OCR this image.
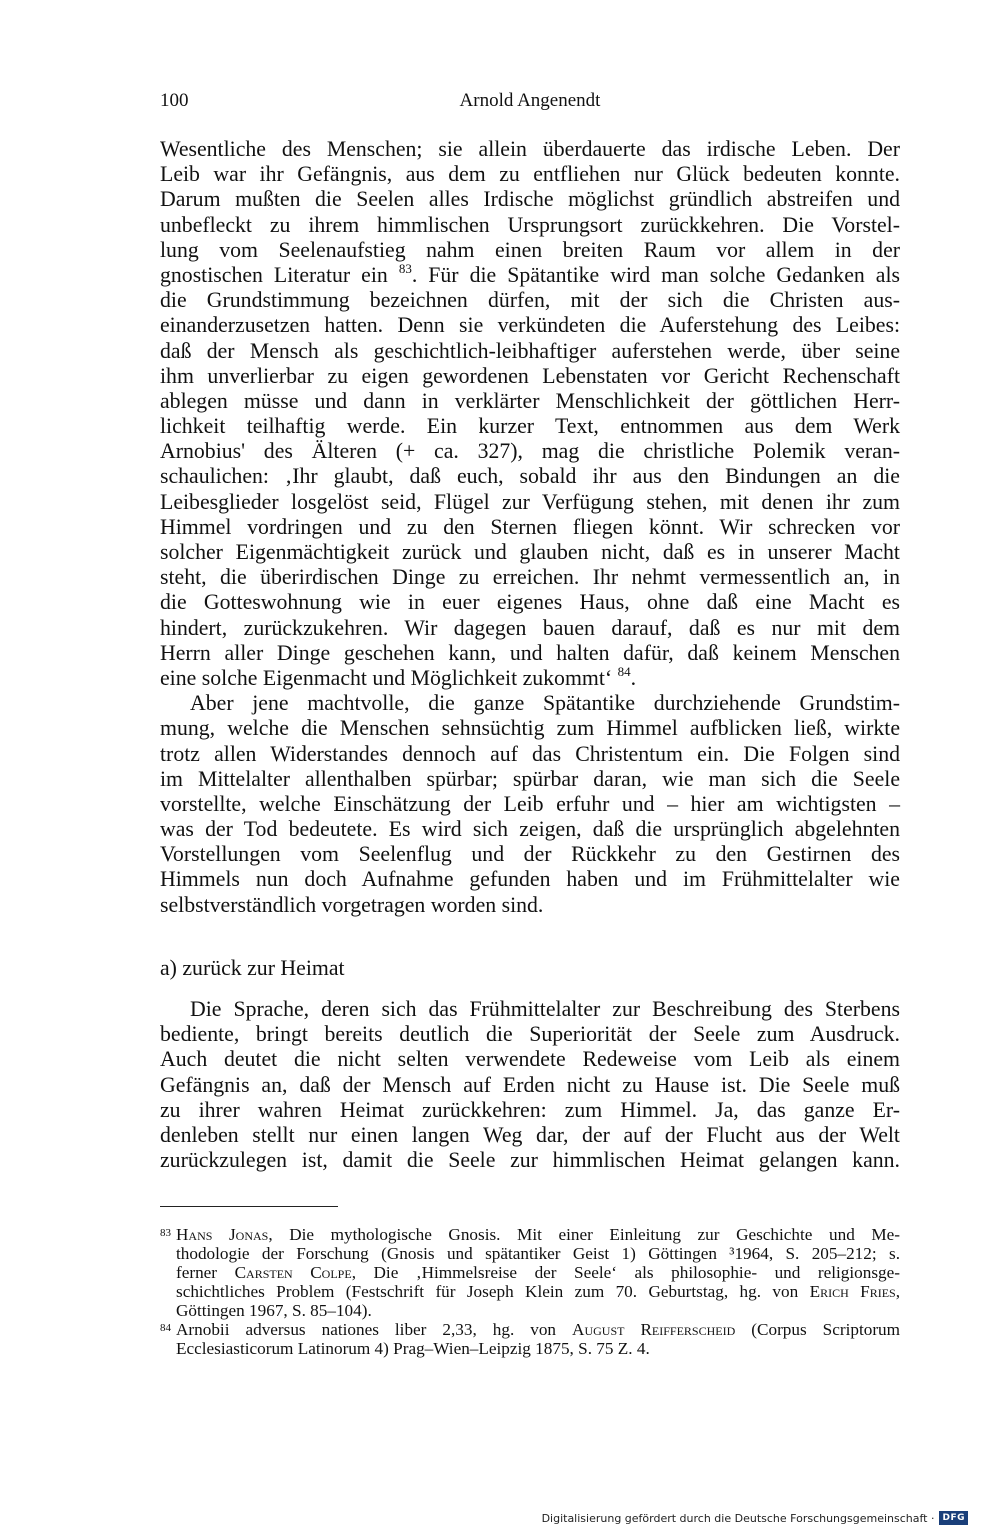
100	Arnold Angenendt
Wesentliche des Menschen; sie allein überdauerte das irdische Leben. Der
Leib war ihr Gefängnis, aus dem zu entfliehen nur Glück bedeuten konnte.
Darum mußten die Seelen alles Irdische möglichst gründlich abstreifen und
unbefleckt zu ihrem himmlischen Ursprungsort zurückkehren. Die Vorstel-
lung vom Seelenaufstieg nahm einen breiten Raum vor allem in der
gnostischen Literatur ein $^{83}$. Für die Spätantike wird man solche Gedanken als
die Grundstimmung bezeichnen dürfen, mit der sich die Christen aus-
einanderzusetzen hatten. Denn sie verkündeten die Auferstehung des Leibes:
daß der Mensch als geschichtlich-leibhaftiger auferstehen werde, über seine
ihm unverlierbar zu eigen gewordenen Lebenstaten vor Gericht Rechenschaft
ablegen müsse und dann in verklärter Menschlichkeit der göttlichen Herr-
lichkeit teilhaftig werde. Ein kurzer Text, entnommen aus dem Werk
Arnobius' des Älteren (+ ca. 327), mag die christliche Polemik veran-
schaulichen: ‚Ihr glaubt, daß euch, sobald ihr aus den Bindungen an die
Leibesglieder losgelöst seid, Flügel zur Verfügung stehen, mit denen ihr zum
Himmel vordringen und zu den Sternen fliegen könnt. Wir schrecken vor
solcher Eigenmächtigkeit zurück und glauben nicht, daß es in unserer Macht
steht, die überirdischen Dinge zu erreichen. Ihr nehmt vermessentlich an, in
die Gotteswohnung wie in euer eigenes Haus, ohne daß eine Macht es
hindert, zurückzukehren. Wir dagegen bauen darauf, daß es nur mit dem
Herrn aller Dinge geschehen kann, und halten dafür, daß keinem Menschen
eine solche Eigenmacht und Möglichkeit zukommt‘ $^{84}$.
Aber jene machtvolle, die ganze Spätantike durchziehende Grundstim-
mung, welche die Menschen sehnsüchtig zum Himmel aufblicken ließ, wirkte
trotz allen Widerstandes dennoch auf das Christentum ein. Die Folgen sind
im Mittelalter allenthalben spürbar; spürbar daran, wie man sich die Seele
vorstellte, welche Einschätzung der Leib erfuhr und – hier am wichtigsten –
was der Tod bedeutete. Es wird sich zeigen, daß die ursprünglich abgelehnten
Vorstellungen vom Seelenflug und der Rückkehr zu den Gestirnen des
Himmels nun doch Aufnahme gefunden haben und im Frühmittelalter wie
selbstverständlich vorgetragen worden sind.
a) zurück zur Heimat
Die Sprache, deren sich das Frühmittelalter zur Beschreibung des Sterbens
bediente, bringt bereits deutlich die Superiorität der Seele zum Ausdruck.
Auch deutet die nicht selten verwendete Redeweise vom Leib als einem
Gefängnis an, daß der Mensch auf Erden nicht zu Hause ist. Die Seele muß
zu ihrer wahren Heimat zurückkehren: zum Himmel. Ja, das ganze Er-
denleben stellt nur einen langen Weg dar, der auf der Flucht aus der Welt
zurückzulegen ist, damit die Seele zur himmlischen Heimat gelangen kann.
83 Hans Jonas, Die mythologische Gnosis. Mit einer Einleitung zur Geschichte und Me-
thodologie der Forschung (Gnosis und spätantiker Geist 1) Göttingen ³1964, S. 205–212; s.
ferner Carsten Colpe, Die ‚Himmelsreise der Seele‘ als philosophie- und religionsge-
schichtliches Problem (Festschrift für Joseph Klein zum 70. Geburtstag, hg. von Erich Fries,
Göttingen 1967, S. 85–104).
84 Arnobii adversus nationes liber 2,33, hg. von August Reifferscheid (Corpus Scriptorum
Ecclesiasticorum Latinorum 4) Prag–Wien–Leipzig 1875, S. 75 Z. 4.
Digitalisierung gefördert durch die Deutsche Forschungsgemeinschaft · DFG
